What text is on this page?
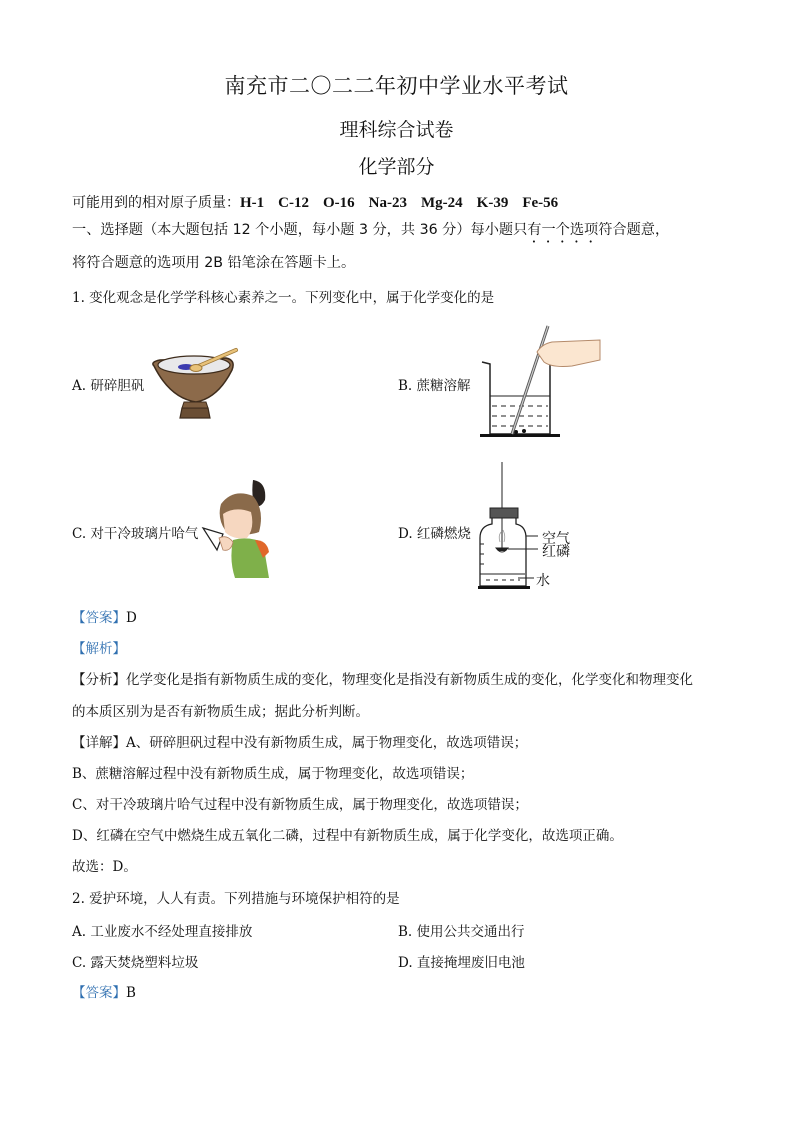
南充市二〇二二年初中学业水平考试
理科综合试卷
化学部分
可能用到的相对原子质量：H-1 C-12 O-16 Na-23 Mg-24 K-39 Fe-56
一、选择题（本大题包括 12 个小题，每小题 3 分，共 36 分）每小题只有一个选项符合题意，
将符合题意的选项用 2B 铅笔涂在答题卡上。
1. 变化观念是化学学科核心素养之一。下列变化中，属于化学变化的是
A. 研碎胆矾	B. 蔗糖溶解
C. 对干冷玻璃片哈气	D. 红磷燃烧	空气
红磷
水
【答案】D
【解析】
【分析】化学变化是指有新物质生成的变化，物理变化是指没有新物质生成的变化，化学变化和物理变化
的本质区别为是否有新物质生成；据此分析判断。
【详解】A、研碎胆矾过程中没有新物质生成，属于物理变化，故选项错误；
B、蔗糖溶解过程中没有新物质生成，属于物理变化，故选项错误；
C、对干冷玻璃片哈气过程中没有新物质生成，属于物理变化，故选项错误；
D、红磷在空气中燃烧生成五氧化二磷，过程中有新物质生成，属于化学变化，故选项正确。
故选：D。
2. 爱护环境，人人有责。下列措施与环境保护相符的是
A. 工业废水不经处理直接排放	B. 使用公共交通出行
C. 露天焚烧塑料垃圾	D. 直接掩埋废旧电池
【答案】B
